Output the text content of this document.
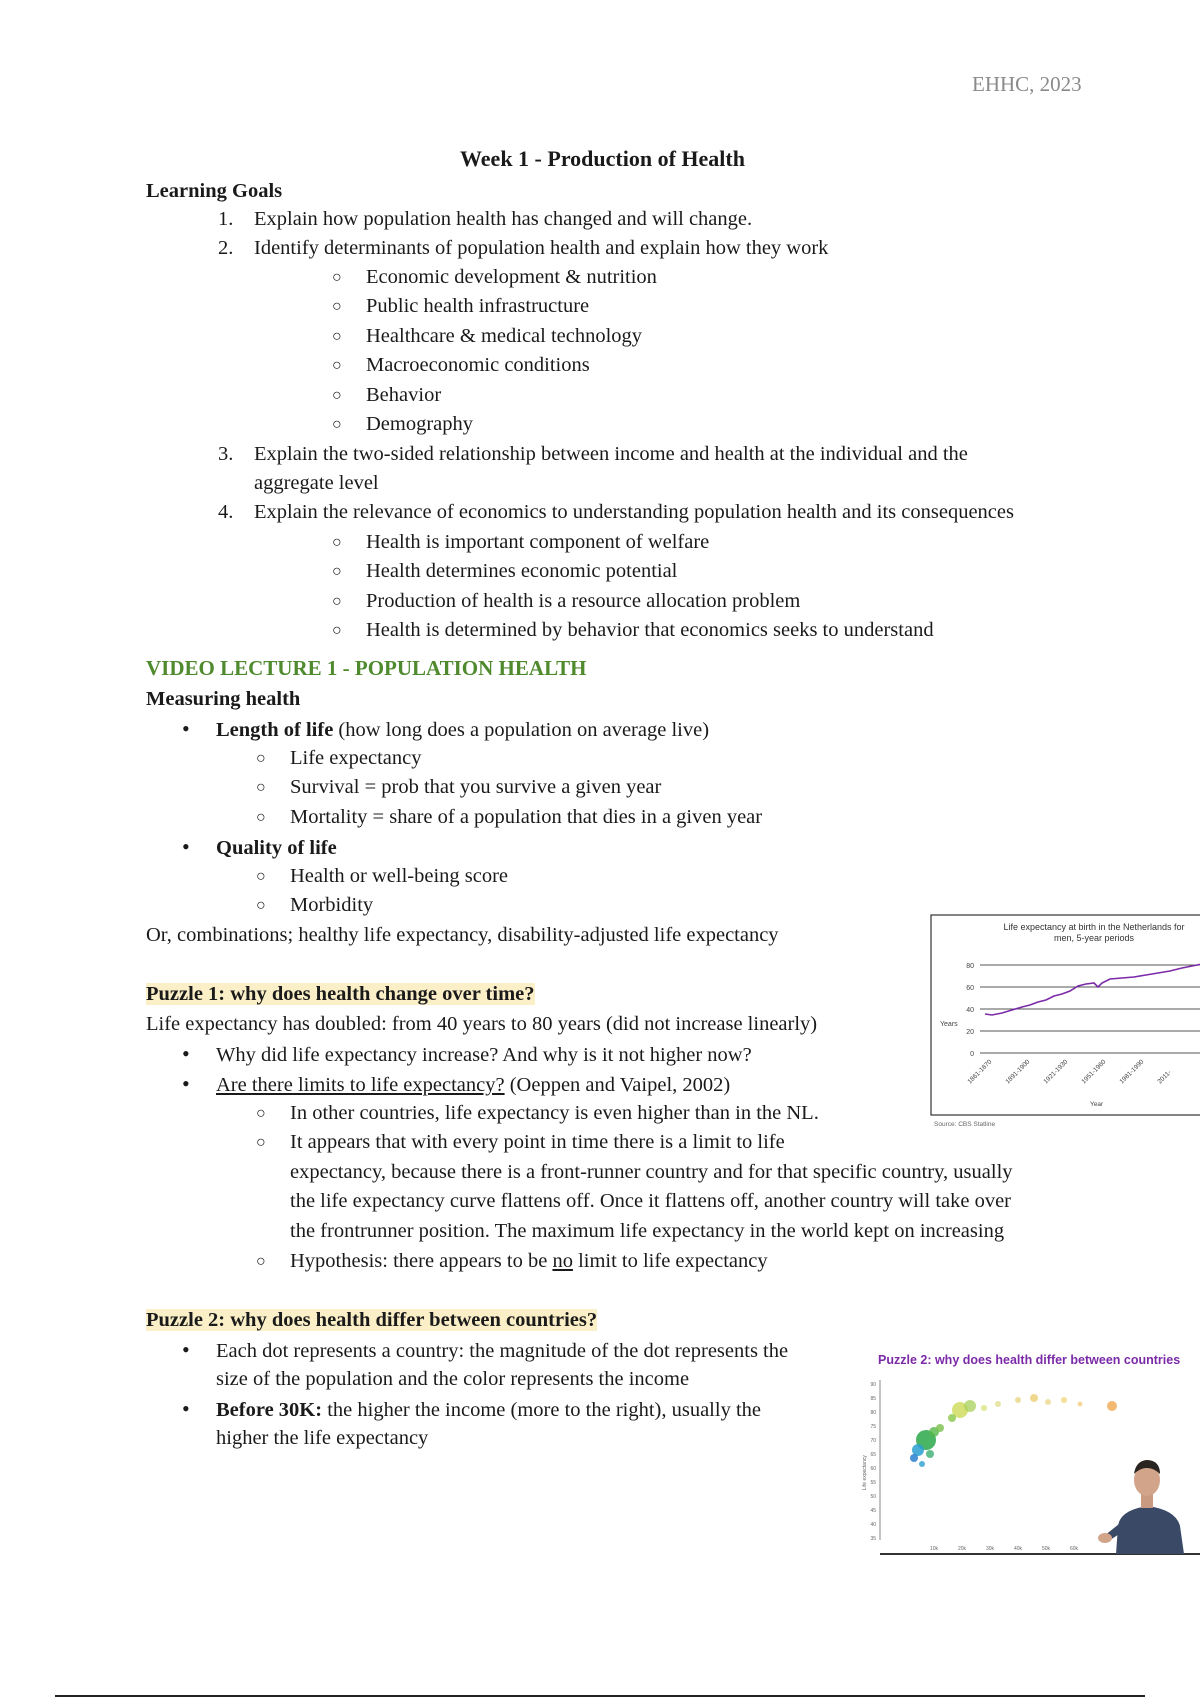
EHHC, 2023
Week 1 - Production of Health
Learning Goals
1. Explain how population health has changed and will change.
2. Identify determinants of population health and explain how they work
○ Economic development & nutrition
○ Public health infrastructure
○ Healthcare & medical technology
○ Macroeconomic conditions
○ Behavior
○ Demography
3. Explain the two-sided relationship between income and health at the individual and the
aggregate level
4. Explain the relevance of economics to understanding population health and its consequences
○ Health is important component of welfare
○ Health determines economic potential
○ Production of health is a resource allocation problem
○ Health is determined by behavior that economics seeks to understand
VIDEO LECTURE 1 - POPULATION HEALTH
Measuring health
• Length of life (how long does a population on average live)
○ Life expectancy
○ Survival = prob that you survive a given year
○ Mortality = share of a population that dies in a given year
• Quality of life
○ Health or well-being score
○ Morbidity
Or, combinations; healthy life expectancy, disability-adjusted life expectancy
Puzzle 1: why does health change over time?
Life expectancy has doubled: from 40 years to 80 years (did not increase linearly)
• Why did life expectancy increase? And why is it not higher now?
• Are there limits to life expectancy? (Oeppen and Vaipel, 2002)
○ In other countries, life expectancy is even higher than in the NL.
○ It appears that with every point in time there is a limit to life
expectancy, because there is a front-runner country and for that specific country, usually
the life expectancy curve flattens off. Once it flattens off, another country will take over
the frontrunner position. The maximum life expectancy in the world kept on increasing
○ Hypothesis: there appears to be no limit to life expectancy
Puzzle 2: why does health differ between countries?
• Each dot represents a country: the magnitude of the dot represents the
size of the population and the color represents the income
• Before 30K: the higher the income (more to the right), usually the
higher the life expectancy
Life expectancy at birth in the Netherlands for
men, 5-year periods
80
60
40
20
0
Years
1861-1870 1891-1900 1921-1930 1951-1960 1981-1990 2011-
Year
Source: CBS Statline
Puzzle 2: why does health differ between countries
90
85
80
75
70
65
60
55
50
45
40
35
Life expectancy
10k	20k	30k	40k	50k	60k
